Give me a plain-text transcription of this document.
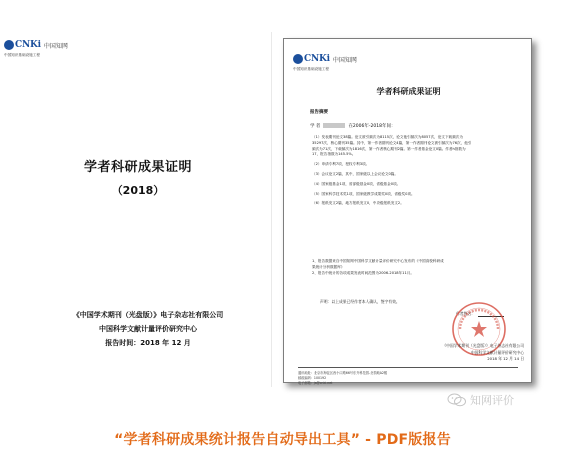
CNKi 中国知网
中国知识基础设施工程
学者科研成果证明
（2018）
《中国学术期刊（光盘版）》电子杂志社有限公司
中国科学文献计量评价研究中心
报告时间：2018 年 12 月
CNKi 中国知网
中国知识基础设施工程
学者科研成果证明
报告摘要
学 者	在2006年-2018年间：

（1）发表期刊论文38篇。论文被引频次为8115次，论文他引频次为8057次，论文下载频次为

35297次，核心期刊35篇。其中，第一作者期刊论文4篇，第一作者期刊论文被引频次为76次，他引

频次为71次，下载频次为1816次，第一作者核心期刊2篇。第一作者基金论文0篇。作者h指数为

17，报告指数为145.5%。

（2）申请专利7项，授权专利3项。

（3）会议论文2篇，其中，国家级以上会议论文0篇。

（4）国家级基金1项，省部级基金0项，省级基金0项。

（5）国家科学技术奖1项，国家级教学成果奖0项，省级奖0项。

（6）报纸发文2篇，地方报纸发文0，中央级报纸发文2。

1、报告数据来自中国知网中国科学文献计量评价研究中心发布的《中国高校科研成

果统计分析数据库》

2、报告中统计的各项成果发表时间范围为2006-2018年11月。

声明：以上成果已经作者本人确认，签字有效。
作者签名：
《中国学术期刊（光盘版）》电子杂志社有限公司
中国科学文献计量评价研究中心
2018 年 12 月 14 日
通讯地址：北京市海淀区西小口路66号东升科技园-北领地A2楼
邮政编码：100192
电子邮箱：js@cnki.net
知网评价
“学者科研成果统计报告自动导出工具” - PDF版报告
